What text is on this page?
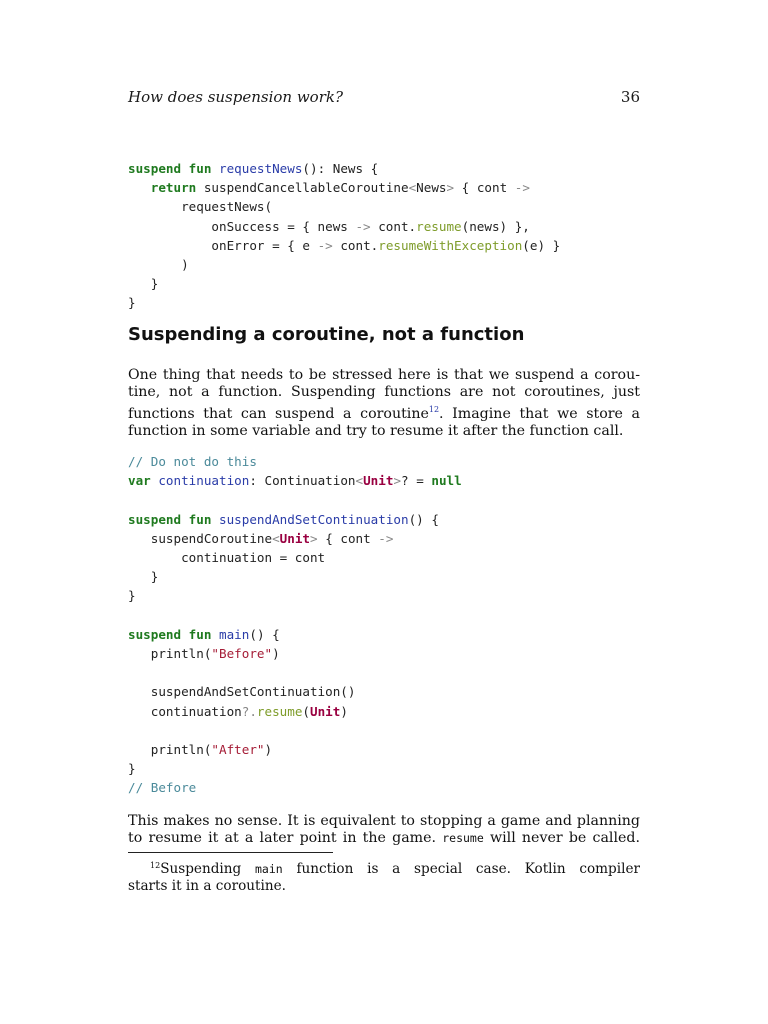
How does suspension work?	36
suspend fun requestNews(): News {
return suspendCancellableCoroutine<News> { cont ->
requestNews(
onSuccess = { news -> cont.resume(news) },
onError = { e -> cont.resumeWithException(e) }
)
}
}
Suspending a coroutine, not a function
One thing that needs to be stressed here is that we suspend a corou-
tine, not a function. Suspending functions are not coroutines, just
functions that can suspend a coroutine$^{12}$. Imagine that we store a
function in some variable and try to resume it after the function call.
// Do not do this
var continuation: Continuation<Unit>? = null

suspend fun suspendAndSetContinuation() {
suspendCoroutine<Unit> { cont ->
continuation = cont
}
}

suspend fun main() {
println("Before")

suspendAndSetContinuation()
continuation?.resume(Unit)

println("After")
}
// Before
This makes no sense. It is equivalent to stopping a game and planning
to resume it at a later point in the game. resume will never be called.
$^{12}$Suspending main function is a special case. Kotlin compiler
starts it in a coroutine.
